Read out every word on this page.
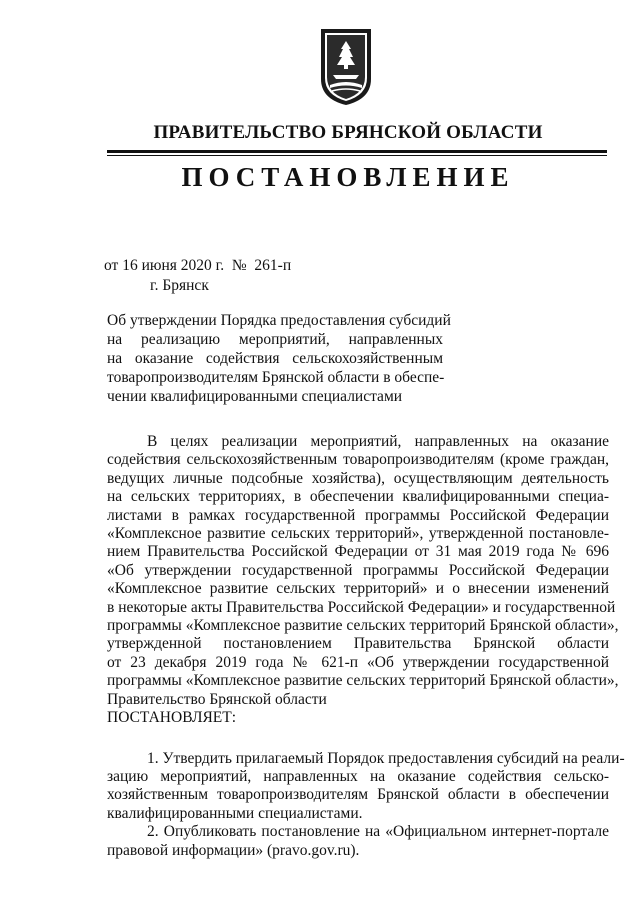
ПРАВИТЕЛЬСТВО БРЯНСКОЙ ОБЛАСТИ
ПОСТАНОВЛЕНИЕ
от 16 июня 2020 г. № 261-п
г. Брянск
Об утверждении Порядка предоставления субсидий
на реализацию мероприятий, направленных
на оказание содействия сельскохозяйственным
товаропроизводителям Брянской области в обеспе-
чении квалифицированными специалистами
В целях реализации мероприятий, направленных на оказание
содействия сельскохозяйственным товаропроизводителям (кроме граждан,
ведущих личные подсобные хозяйства), осуществляющим деятельность
на сельских территориях, в обеспечении квалифицированными специа-
листами в рамках государственной программы Российской Федерации
«Комплексное развитие сельских территорий», утвержденной постановле-
нием Правительства Российской Федерации от 31 мая 2019 года № 696
«Об утверждении государственной программы Российской Федерации
«Комплексное развитие сельских территорий» и о внесении изменений
в некоторые акты Правительства Российской Федерации» и государственной
программы «Комплексное развитие сельских территорий Брянской области»,
утвержденной постановлением Правительства Брянской области
от 23 декабря 2019 года № 621-п «Об утверждении государственной
программы «Комплексное развитие сельских территорий Брянской области»,
Правительство Брянской области
ПОСТАНОВЛЯЕТ:
1. Утвердить прилагаемый Порядок предоставления субсидий на реали-
зацию мероприятий, направленных на оказание содействия сельско-
хозяйственным товаропроизводителям Брянской области в обеспечении
квалифицированными специалистами.
2. Опубликовать постановление на «Официальном интернет-портале
правовой информации» (pravo.gov.ru).
